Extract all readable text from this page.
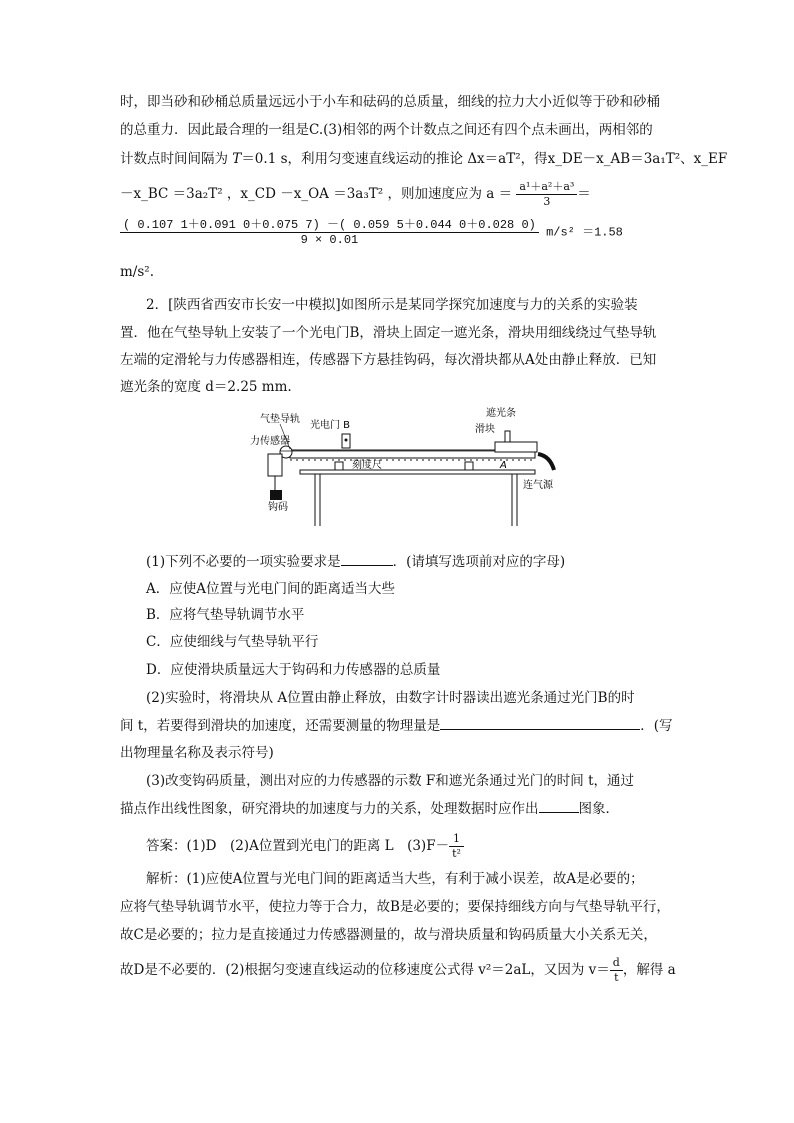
时，即当砂和砂桶总质量远远小于小车和砝码的总质量，细线的拉力大小近似等于砂和砂桶
的总重力．因此最合理的一组是C.(3)相邻的两个计数点之间还有四个点未画出，两相邻的
计数点时间间隔为 T＝0.1 s，利用匀变速直线运动的推论 Δx＝aT²，得x_DE－x_AB＝3a₁T²、x_EF
－x_BC ＝3a₂T² ，x_CD －x_OA ＝3a₃T² ，则加速度应为 $a = \frac{\text{a¹＋a²＋a³}}{3}$ ＝
$\frac{( 0.107 1+0.091 0+0.075 7) -( 0.059 5+0.044 0+0.028 0)}{9 \times 0.01} m/s^2 =1.58$
m/s².
2．[陕西省西安市长安一中模拟]如图所示是某同学探究加速度与力的关系的实验装
置．他在气垫导轨上安装了一个光电门B，滑块上固定一遮光条，滑块用细线绕过气垫导轨
左端的定滑轮与力传感器相连，传感器下方悬挂钩码，每次滑块都从A处由静止释放．已知
遮光条的宽度 d＝2.25 mm.
气垫导轨
光电门 B
力传感器
遮光条
滑块
钩码
刻度尺	A
连气源
(1)下列不必要的一项实验要求是	．(请填写选项前对应的字母)
A．应使A位置与光电门间的距离适当大些
B．应将气垫导轨调节水平
C．应使细线与气垫导轨平行
D．应使滑块质量远大于钩码和力传感器的总质量
(2)实验时，将滑块从 A位置由静止释放，由数字计时器读出遮光条通过光门B的时
间 t，若要得到滑块的加速度，还需要测量的物理量是	．(写
出物理量名称及表示符号)
(3)改变钩码质量，测出对应的力传感器的示数 F和遮光条通过光门的时间 t，通过
描点作出线性图象，研究滑块的加速度与力的关系，处理数据时应作出	图象．
答案：(1)D　(2)A位置到光电门的距离 L　$(3)F- \frac{1}{\text{t²}}$
解析：(1)应使A位置与光电门间的距离适当大些，有利于减小误差，故A是必要的；
应将气垫导轨调节水平，使拉力等于合力，故B是必要的；要保持细线方向与气垫导轨平行，
故C是必要的；拉力是直接通过力传感器测量的，故与滑块质量和钩码质量大小关系无关，
故D是不必要的．(2)根据匀变速直线运动的位移速度公式得 v²＝2aL，又因为 $v= \frac{d}{t}$ ，解得 a
